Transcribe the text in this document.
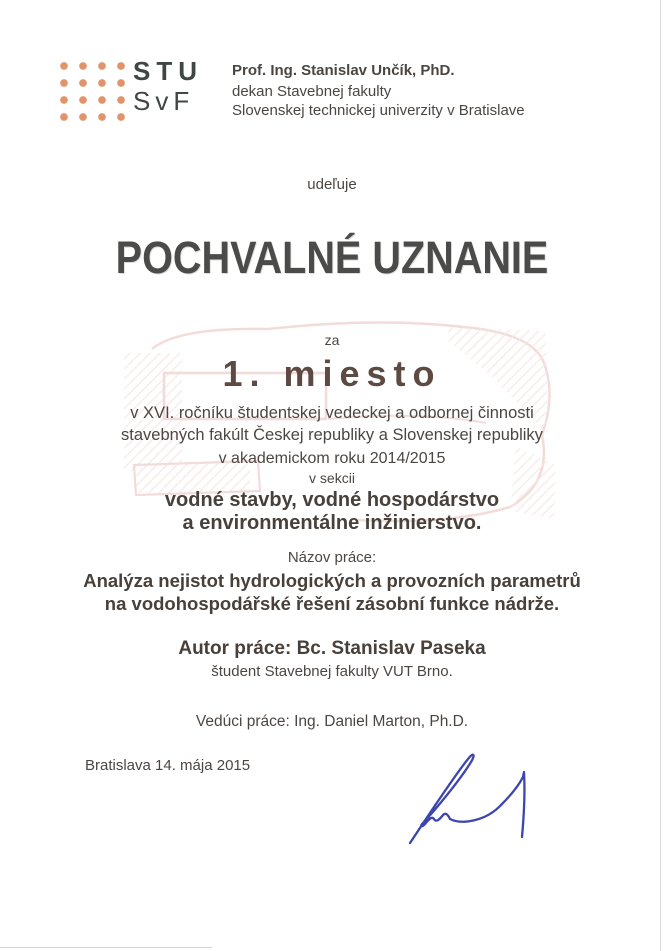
STU
SvF
Prof. Ing. Stanislav Unčík, PhD.
dekan Stavebnej fakulty
Slovenskej technickej univerzity v Bratislave
udeľuje
POCHVALNÉ UZNANIE
za
1. miesto
v XVI. ročníku študentskej vedeckej a odbornej činnosti
stavebných fakúlt Českej republiky a Slovenskej republiky
v akademickom roku 2014/2015
v sekcii
vodné stavby, vodné hospodárstvo
a environmentálne inžinierstvo.
Názov práce:
Analýza nejistot hydrologických a provozních parametrů
na vodohospodářské řešení zásobní funkce nádrže.
Autor práce: Bc. Stanislav Paseka
študent Stavebnej fakulty VUT Brno.
Vedúci práce: Ing. Daniel Marton, Ph.D.
Bratislava 14. mája 2015
